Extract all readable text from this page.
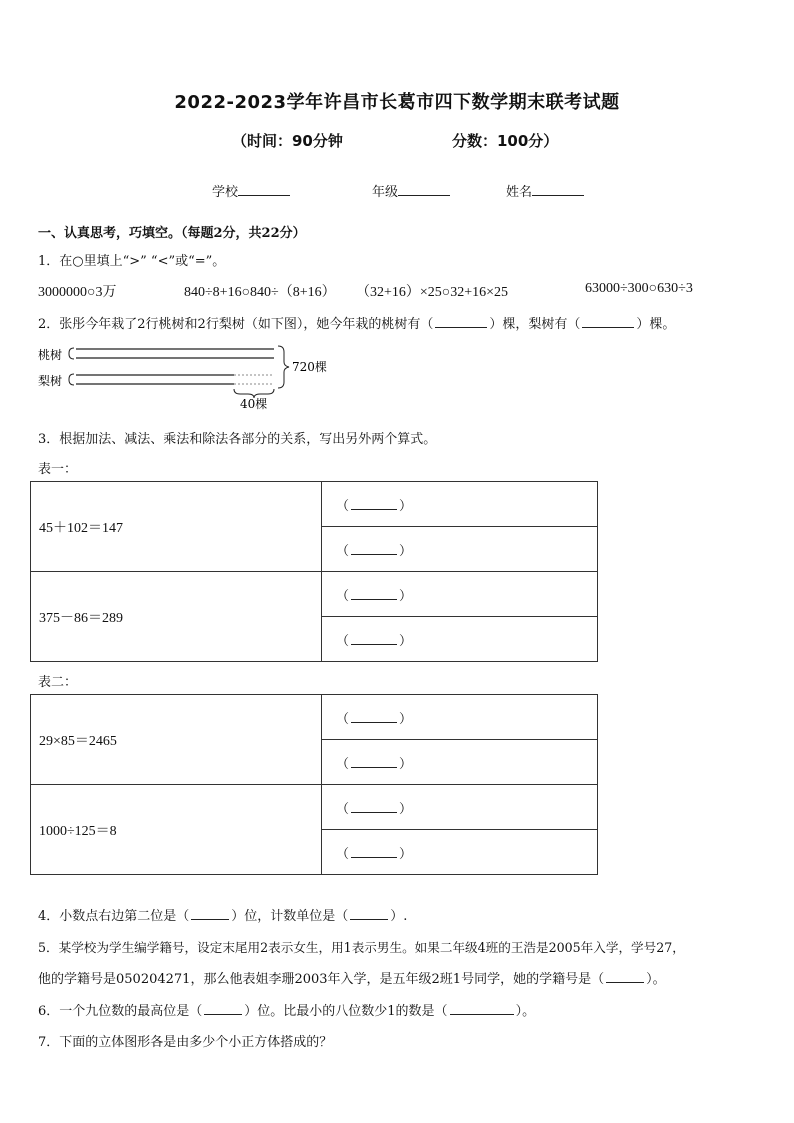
2022-2023学年许昌市长葛市四下数学期末联考试题
（时间：90分钟	分数：100分）
学校	年级	姓名
一、认真思考，巧填空。（每题2分，共22分）
1．在○里填上“>” “<”或“=”。
3000000○3万	840÷8+16○840÷（8+16） （32+16）×25○32+16×25	63000÷300○630÷3
2．张彤今年栽了2行桃树和2行梨树（如下图），她今年栽的桃树有（	）棵，梨树有（	）棵。
桃树
梨树
720棵
40棵
3．根据加法、减法、乘法和除法各部分的关系，写出另外两个算式。
表一：
45＋102＝147	（ ）
	（ ）
375－86＝289	（ ）
	（ ）
表二：
29×85＝2465	（ ）
	（ ）
1000÷125＝8	（ ）
	（ ）
4．小数点右边第二位是（	）位，计数单位是（	）.
5．某学校为学生编学籍号，设定末尾用2表示女生，用1表示男生。如果二年级4班的王浩是2005年入学，学号27，
他的学籍号是050204271，那么他表姐李珊2003年入学，是五年级2班1号同学，她的学籍号是（	）。
6．一个九位数的最高位是（	）位。比最小的八位数少1的数是（	）。
7．下面的立体图形各是由多少个小正方体搭成的？
